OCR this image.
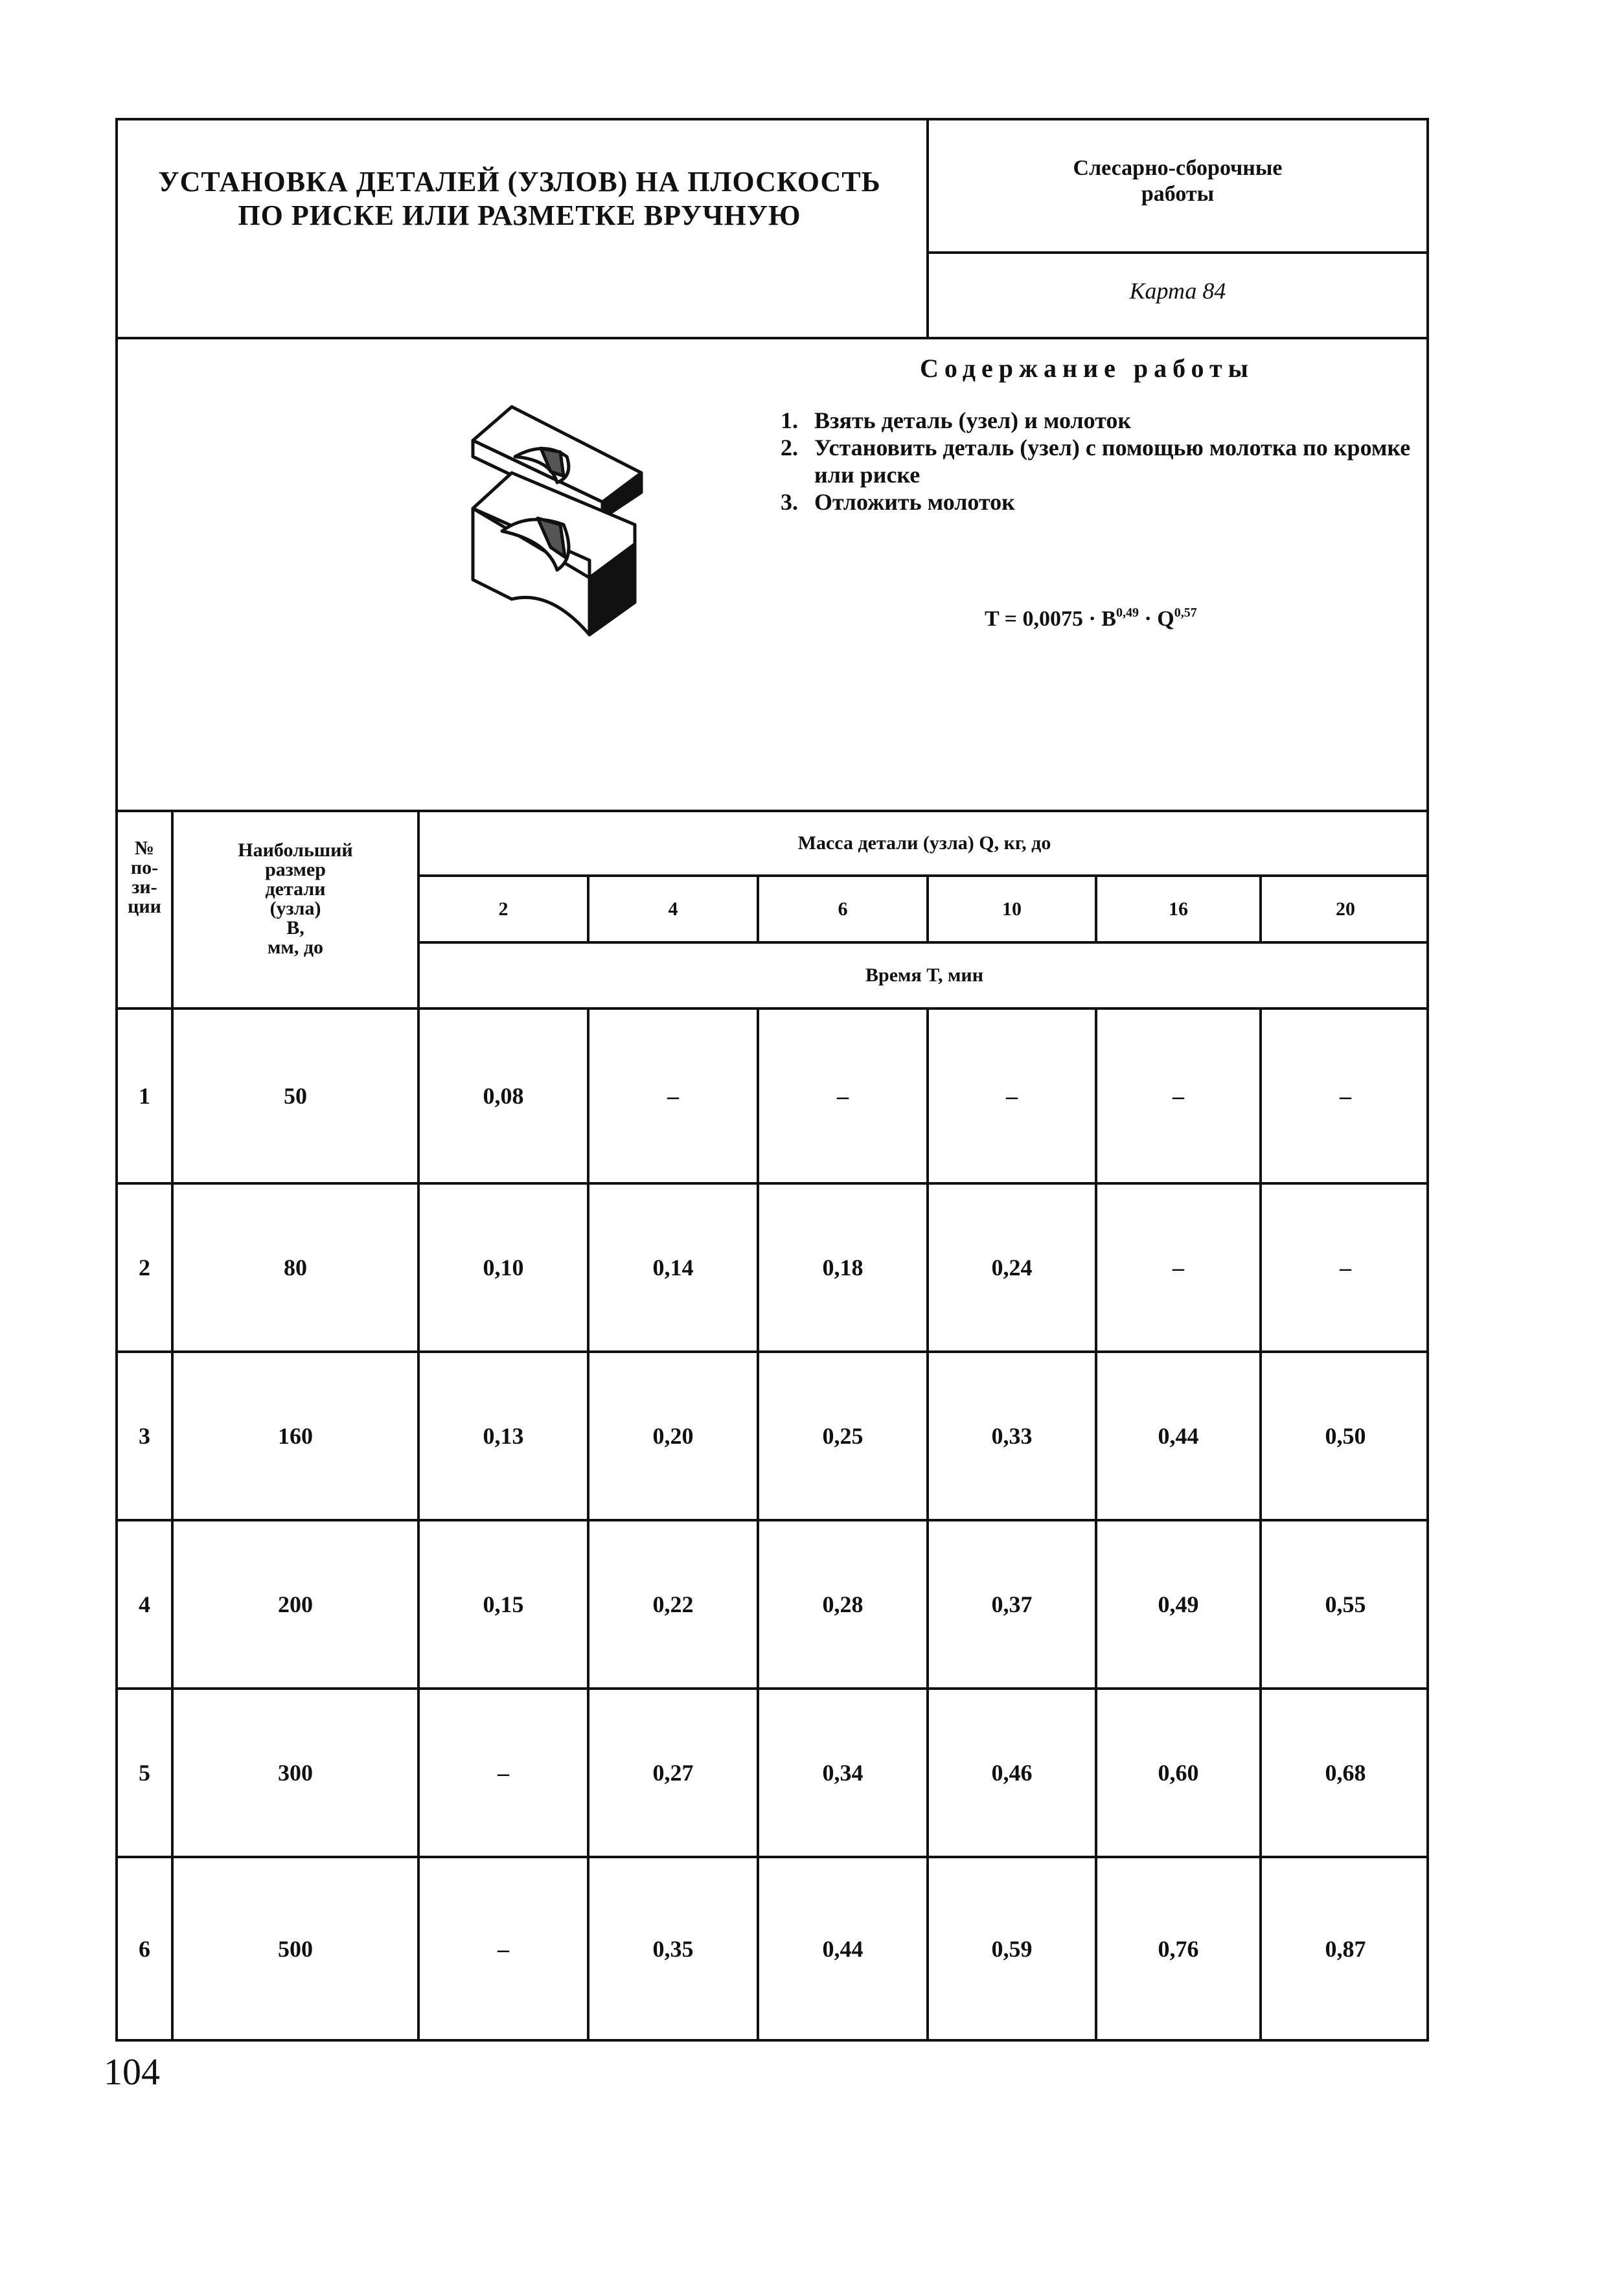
УСТАНОВКА ДЕТАЛЕЙ (УЗЛОВ) НА ПЛОСКОСТЬ
ПО РИСКЕ ИЛИ РАЗМЕТКЕ ВРУЧНУЮ
Слесарно-сборочные
работы
Карта 84
Содержание работы
1. Взять деталь (узел) и молоток
2. Установить деталь (узел) с помощью молотка по кромке или риске
3. Отложить молоток
T = 0,0075 · B$^{0,49}$ · Q$^{0,57}$
№
по-
зи-
ции
Наибольший
размер
детали
(узла)
B,
мм, до
Масса детали (узла) Q, кг, до
2	4	6	10	16	20
Время T, мин
1	50	0,08	–	–	–	–	–
2	80	0,10	0,14	0,18	0,24	–	–
3	160	0,13	0,20	0,25	0,33	0,44	0,50
4	200	0,15	0,22	0,28	0,37	0,49	0,55
5	300	–	0,27	0,34	0,46	0,60	0,68
6	500	–	0,35	0,44	0,59	0,76	0,87
104
